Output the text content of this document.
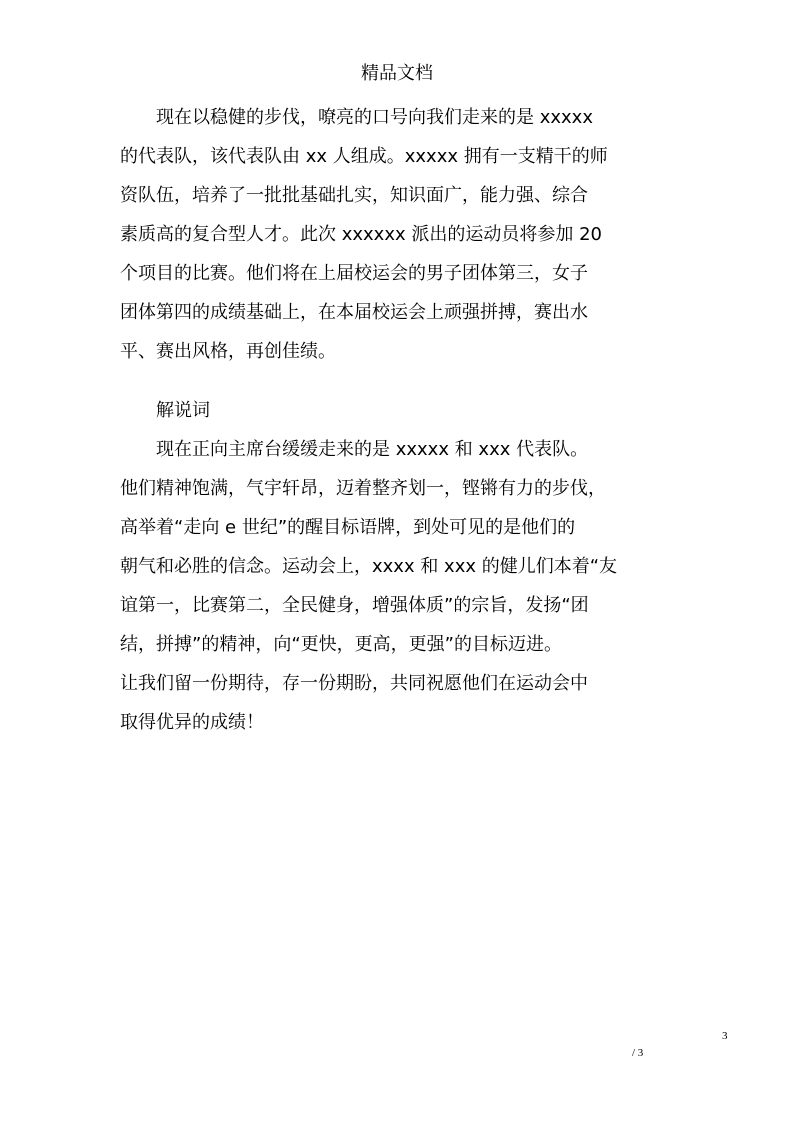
精品文档
　　现在以稳健的步伐，嘹亮的口号向我们走来的是 xxxxx
的代表队，该代表队由 xx 人组成。xxxxx 拥有一支精干的师
资队伍，培养了一批批基础扎实，知识面广，能力强、综合
素质高的复合型人才。此次 xxxxxx 派出的运动员将参加 20
个项目的比赛。他们将在上届校运会的男子团体第三，女子
团体第四的成绩基础上，在本届校运会上顽强拼搏，赛出水
平、赛出风格，再创佳绩。
　　解说词
　　现在正向主席台缓缓走来的是 xxxxx 和 xxx 代表队。
他们精神饱满，气宇轩昂，迈着整齐划一，铿锵有力的步伐，
高举着“走向 e 世纪”的醒目标语牌，到处可见的是他们的
朝气和必胜的信念。运动会上，xxxx 和 xxx 的健儿们本着“友
谊第一，比赛第二，全民健身，增强体质”的宗旨，发扬“团
结，拼搏”的精神，向“更快，更高，更强”的目标迈进。
让我们留一份期待，存一份期盼，共同祝愿他们在运动会中
取得优异的成绩！
3
/ 3
